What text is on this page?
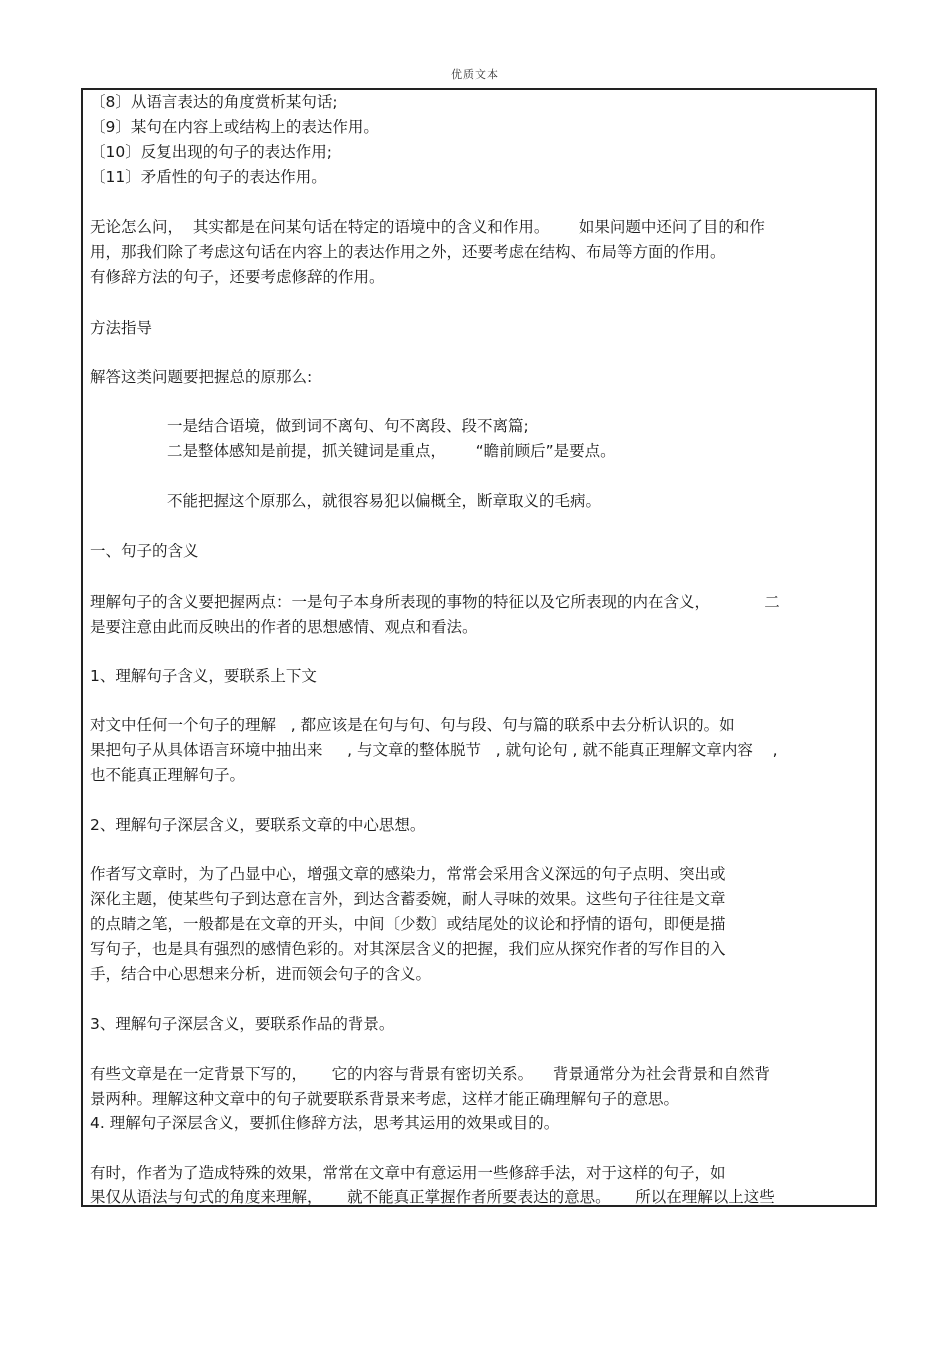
优质文本
〔8〕从语言表达的角度赏析某句话;
〔9〕某句在内容上或结构上的表达作用。
〔10〕反复出现的句子的表达作用;
〔11〕矛盾性的句子的表达作用。
无论怎么问，  其实都是在问某句话在特定的语境中的含义和作用。      如果问题中还问了目的和作
用，那我们除了考虑这句话在内容上的表达作用之外，还要考虑在结构、布局等方面的作用。
有修辞方法的句子，还要考虑修辞的作用。
方法指导
解答这类问题要把握总的原那么:
一是结合语境，做到词不离句、句不离段、段不离篇;
二是整体感知是前提，抓关键词是重点，      “瞻前顾后”是要点。
不能把握这个原那么，就很容易犯以偏概全，断章取义的毛病。
一、句子的含义
理解句子的含义要把握两点：一是句子本身所表现的事物的特征以及它所表现的内在含义，           二
是要注意由此而反映出的作者的思想感情、观点和看法。
1、理解句子含义，要联系上下文
对文中任何一个句子的理解   , 都应该是在句与句、句与段、句与篇的联系中去分析认识的。如
果把句子从具体语言环境中抽出来     , 与文章的整体脱节   , 就句论句 , 就不能真正理解文章内容    ,
也不能真正理解句子。
2、理解句子深层含义，要联系文章的中心思想。
作者写文章时，为了凸显中心，增强文章的感染力，常常会采用含义深远的句子点明、突出或
深化主题，使某些句子到达意在言外，到达含蓄委婉，耐人寻味的效果。这些句子往往是文章
的点睛之笔，一般都是在文章的开头，中间〔少数〕或结尾处的议论和抒情的语句，即便是描
写句子，也是具有强烈的感情色彩的。对其深层含义的把握，我们应从探究作者的写作目的入
手，结合中心思想来分析，进而领会句子的含义。
3、理解句子深层含义，要联系作品的背景。
有些文章是在一定背景下写的，     它的内容与背景有密切关系。    背景通常分为社会背景和自然背
景两种。理解这种文章中的句子就要联系背景来考虑，这样才能正确理解句子的意思。
4. 理解句子深层含义，要抓住修辞方法，思考其运用的效果或目的。
有时，作者为了造成特殊的效果，常常在文章中有意运用一些修辞手法，对于这样的句子，如
果仅从语法与句式的角度来理解，     就不能真正掌握作者所要表达的意思。     所以在理解以上这些
